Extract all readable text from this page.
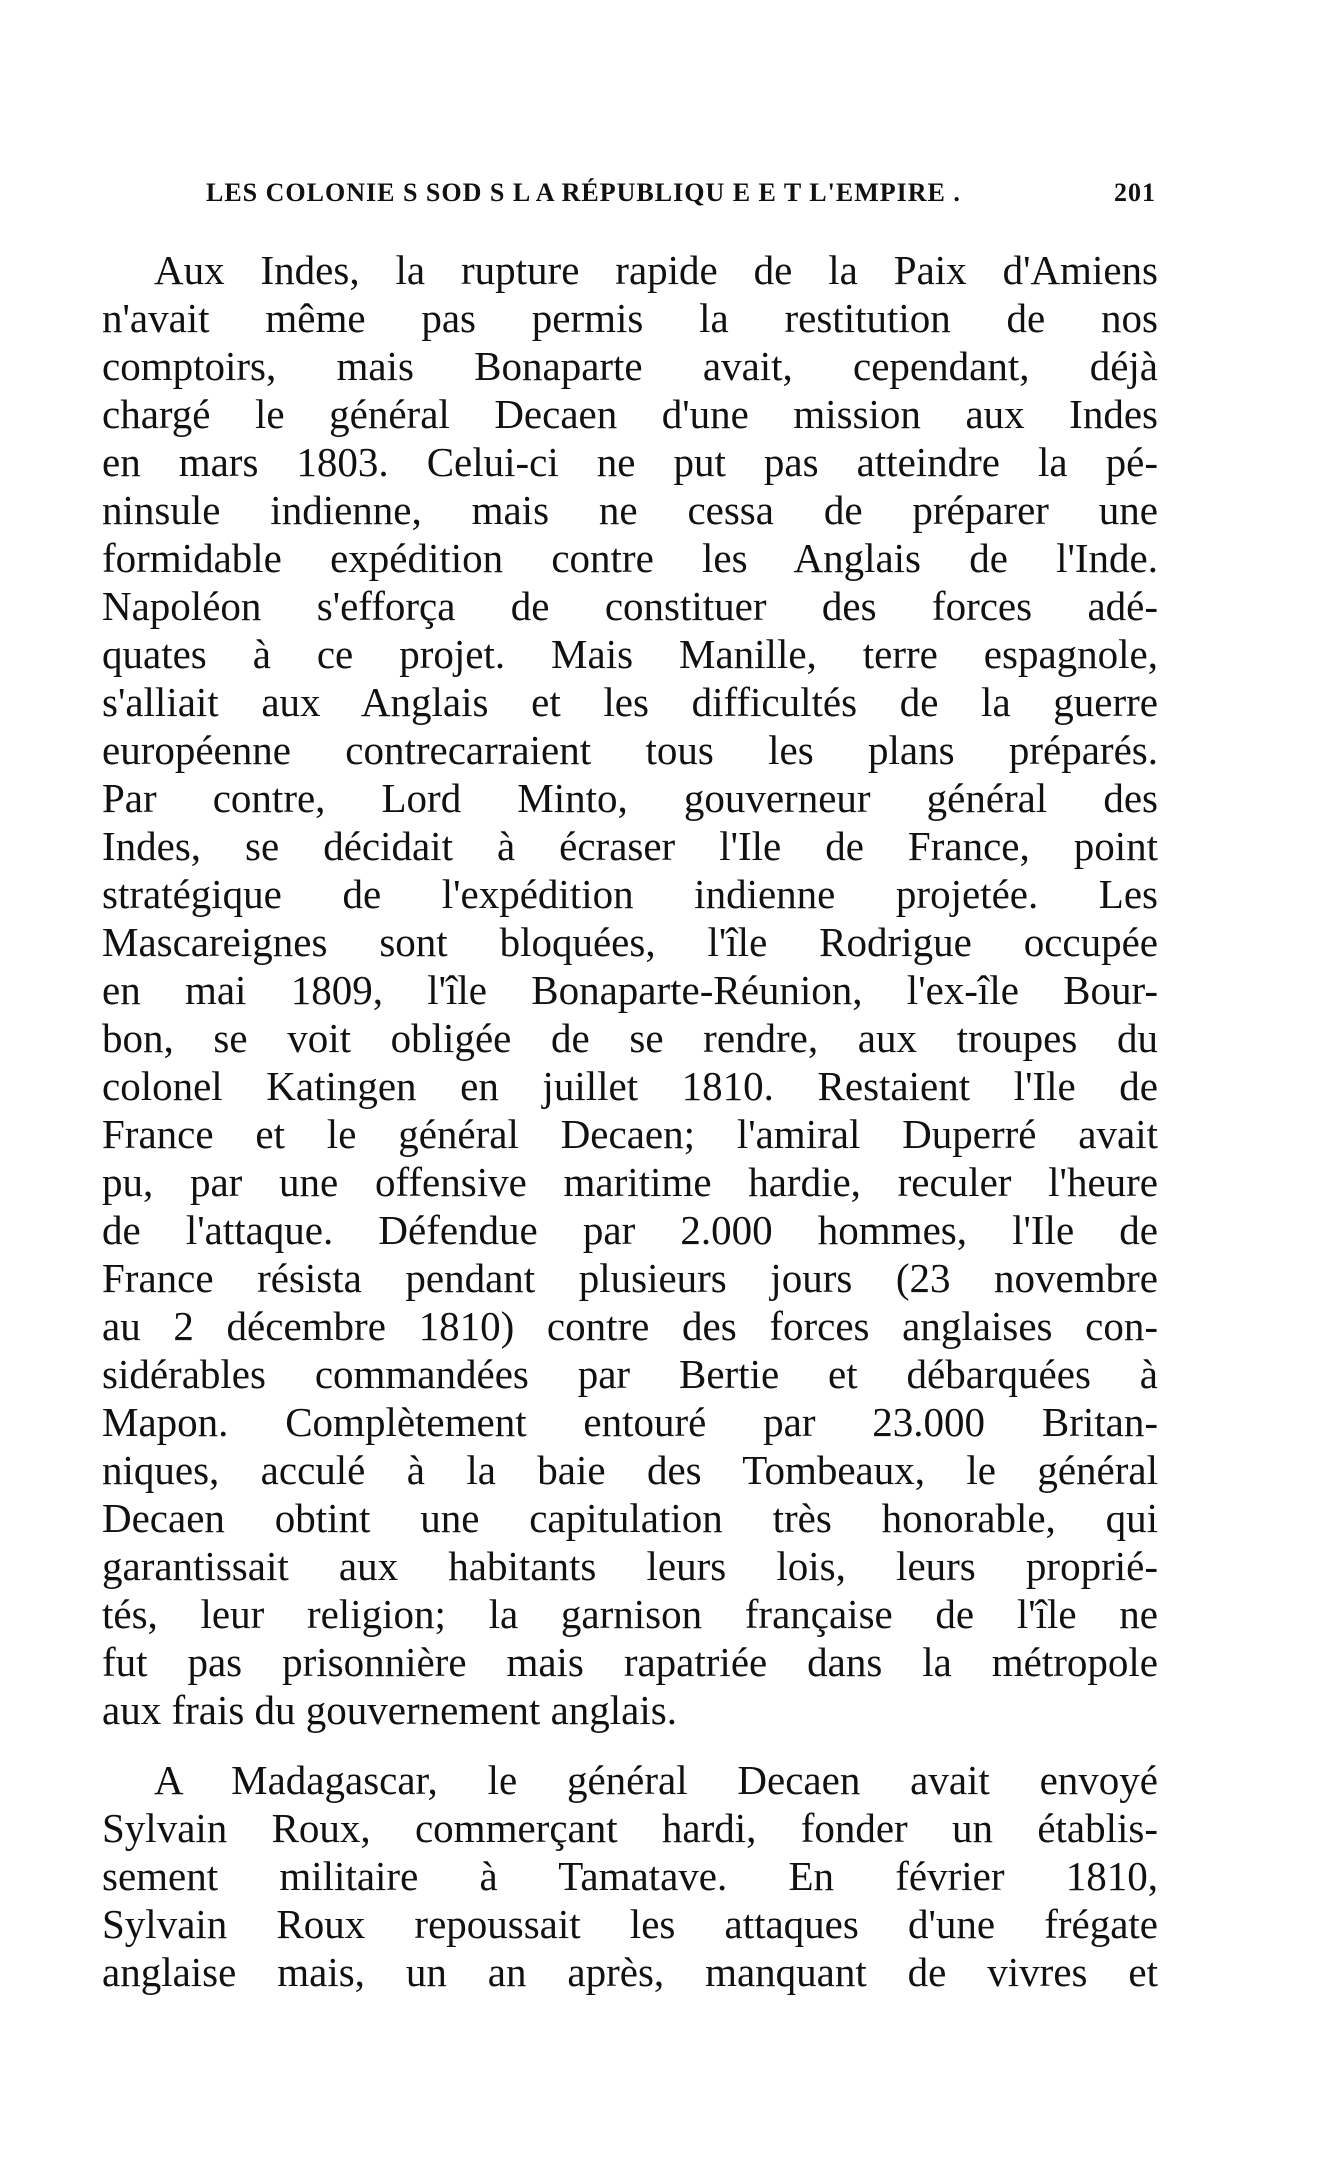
LES COLONIE S SOD S L A RÉPUBLIQU E E T L'EMPIRE .	201
Aux Indes, la rupture rapide de la Paix d'Amiens
n'avait même pas permis la restitution de nos
comptoirs, mais Bonaparte avait, cependant, déjà
chargé le général Decaen d'une mission aux Indes
en mars 1803. Celui-ci ne put pas atteindre la pé-
ninsule indienne, mais ne cessa de préparer une
formidable expédition contre les Anglais de l'Inde.
Napoléon s'efforça de constituer des forces adé-
quates à ce projet. Mais Manille, terre espagnole,
s'alliait aux Anglais et les difficultés de la guerre
européenne contrecarraient tous les plans préparés.
Par contre, Lord Minto, gouverneur général des
Indes, se décidait à écraser l'Ile de France, point
stratégique de l'expédition indienne projetée. Les
Mascareignes sont bloquées, l'île Rodrigue occupée
en mai 1809, l'île Bonaparte-Réunion, l'ex-île Bour-
bon, se voit obligée de se rendre, aux troupes du
colonel Katingen en juillet 1810. Restaient l'Ile de
France et le général Decaen; l'amiral Duperré avait
pu, par une offensive maritime hardie, reculer l'heure
de l'attaque. Défendue par 2.000 hommes, l'Ile de
France résista pendant plusieurs jours (23 novembre
au 2 décembre 1810) contre des forces anglaises con-
sidérables commandées par Bertie et débarquées à
Mapon. Complètement entouré par 23.000 Britan-
niques, acculé à la baie des Tombeaux, le général
Decaen obtint une capitulation très honorable, qui
garantissait aux habitants leurs lois, leurs proprié-
tés, leur religion; la garnison française de l'île ne
fut pas prisonnière mais rapatriée dans la métropole
aux frais du gouvernement anglais.
A Madagascar, le général Decaen avait envoyé
Sylvain Roux, commerçant hardi, fonder un établis-
sement militaire à Tamatave. En février 1810,
Sylvain Roux repoussait les attaques d'une frégate
anglaise mais, un an après, manquant de vivres et
